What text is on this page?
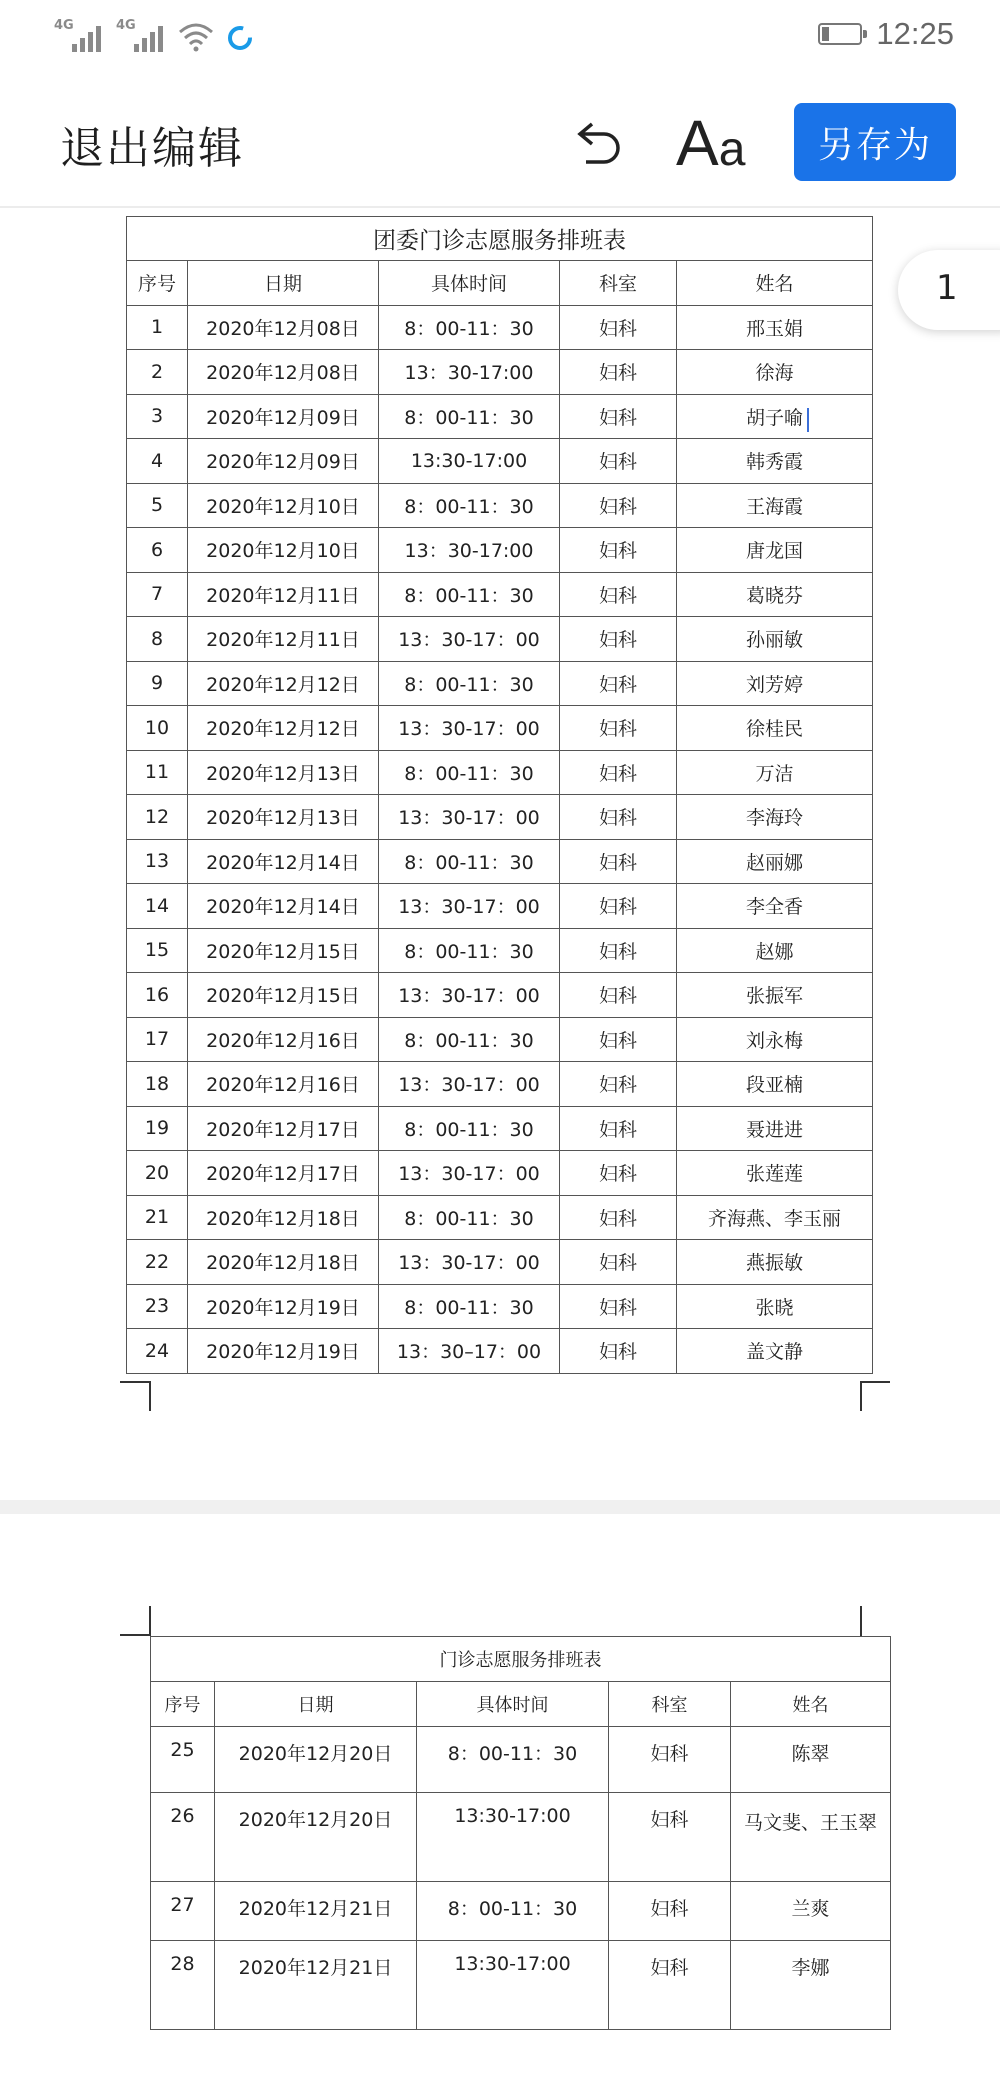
4G	4G	12:25
退出编辑	Aa	另存为
团委门诊志愿服务排班表				
序号	日期	具体时间	科室	姓名
1	2020年12月08日	8：00-11：30	妇科	邢玉娟
2	2020年12月08日	13：30-17:00	妇科	徐海
3	2020年12月09日	8：00-11：30	妇科	胡子喻
4	2020年12月09日	13:30-17:00	妇科	韩秀霞
5	2020年12月10日	8：00-11：30	妇科	王海霞
6	2020年12月10日	13：30-17:00	妇科	唐龙国
7	2020年12月11日	8：00-11：30	妇科	葛晓芬
8	2020年12月11日	13：30-17：00	妇科	孙丽敏
9	2020年12月12日	8：00-11：30	妇科	刘芳婷
10	2020年12月12日	13：30-17：00	妇科	徐桂民
11	2020年12月13日	8：00-11：30	妇科	万洁
12	2020年12月13日	13：30-17：00	妇科	李海玲
13	2020年12月14日	8：00-11：30	妇科	赵丽娜
14	2020年12月14日	13：30-17：00	妇科	李全香
15	2020年12月15日	8：00-11：30	妇科	赵娜
16	2020年12月15日	13：30-17：00	妇科	张振军
17	2020年12月16日	8：00-11：30	妇科	刘永梅
18	2020年12月16日	13：30-17：00	妇科	段亚楠
19	2020年12月17日	8：00-11：30	妇科	聂进进
20	2020年12月17日	13：30-17：00	妇科	张莲莲
21	2020年12月18日	8：00-11：30	妇科	齐海燕、李玉丽
22	2020年12月18日	13：30-17：00	妇科	燕振敏
23	2020年12月19日	8：00-11：30	妇科	张晓
24	2020年12月19日	13：30–17：00	妇科	盖文静
门诊志愿服务排班表				
序号	日期	具体时间	科室	姓名
25	2020年12月20日	8：00-11：30	妇科	陈翠
26	2020年12月20日	13:30-17:00	妇科	马文斐、王玉翠
27	2020年12月21日	8：00-11：30	妇科	兰爽
28	2020年12月21日	13:30-17:00	妇科	李娜
1
